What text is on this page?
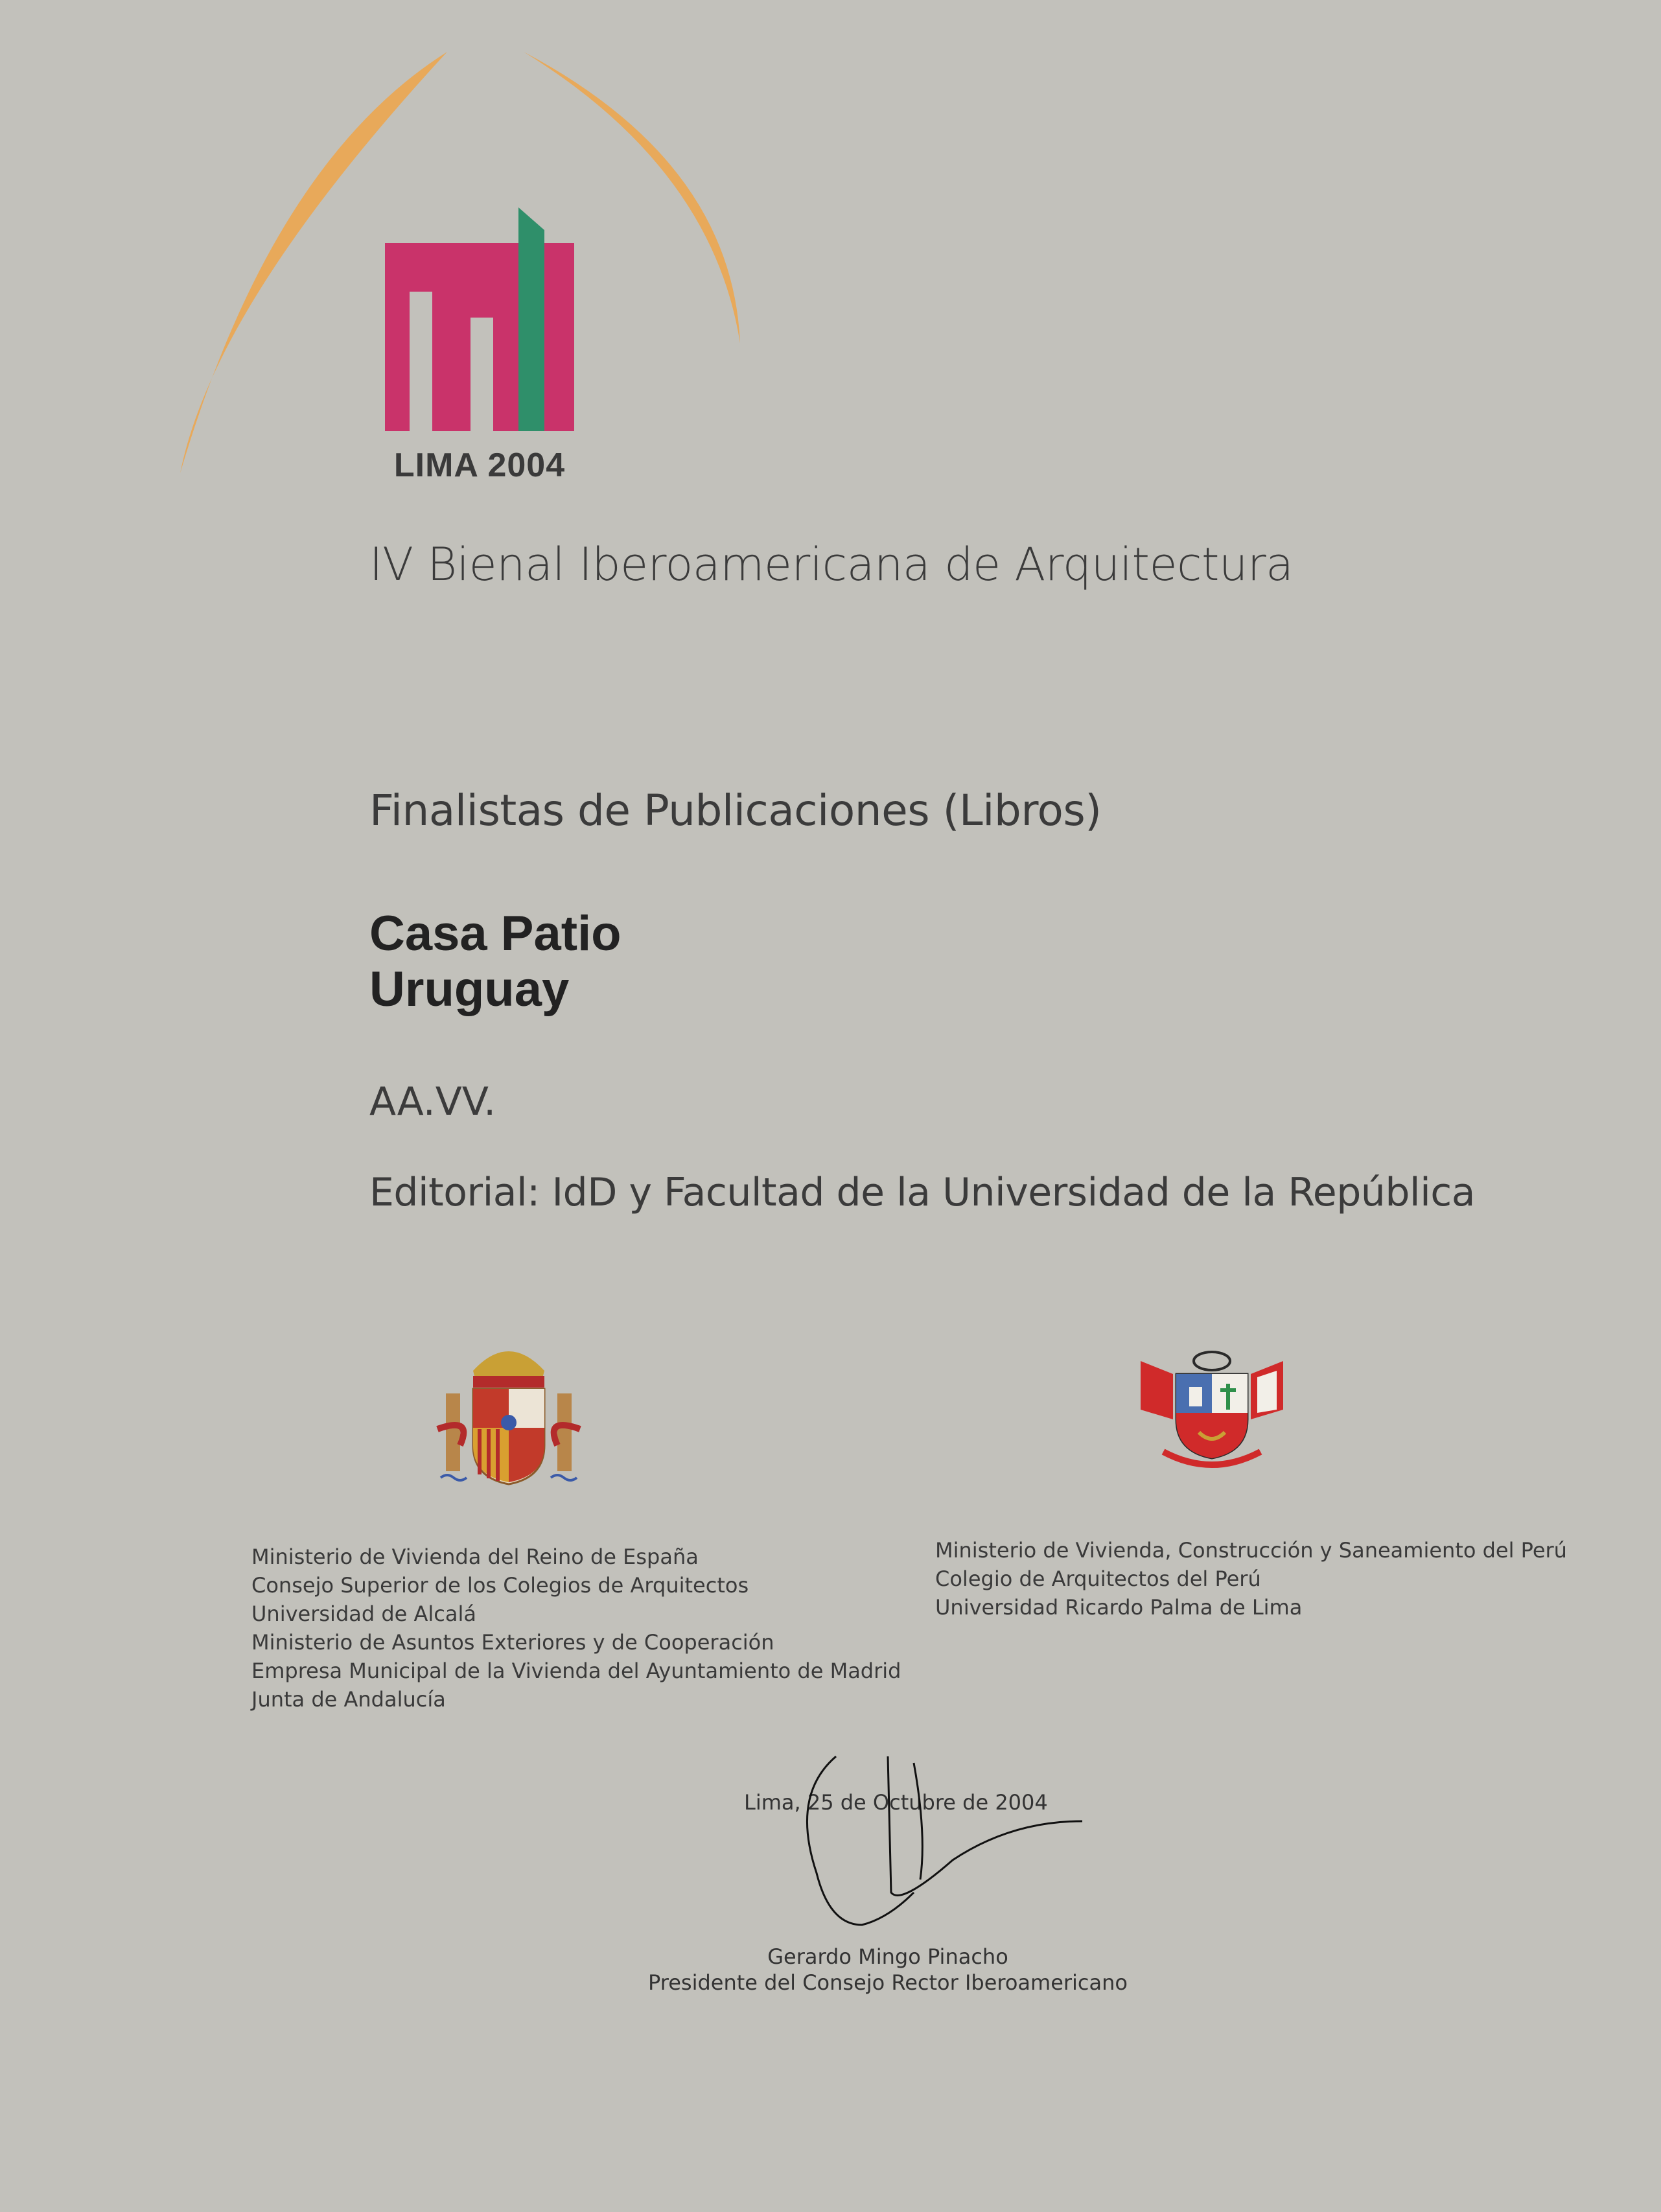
LIMA 2004
IV Bienal Iberoamericana de Arquitectura
Finalistas de Publicaciones (Libros)
Casa Patio
Uruguay
AA.VV.
Editorial: IdD y Facultad de la Universidad de la República
Ministerio de Vivienda del Reino de España
Consejo Superior de los Colegios de Arquitectos
Universidad de Alcalá
Ministerio de Asuntos Exteriores y de Cooperación
Empresa Municipal de la Vivienda del Ayuntamiento de Madrid
Junta de Andalucía
Ministerio de Vivienda, Construcción y Saneamiento del Perú
Colegio de Arquitectos del Perú
Universidad Ricardo Palma de Lima
Lima, 25 de Octubre de 2004
Gerardo Mingo Pinacho
Presidente del Consejo Rector Iberoamericano
